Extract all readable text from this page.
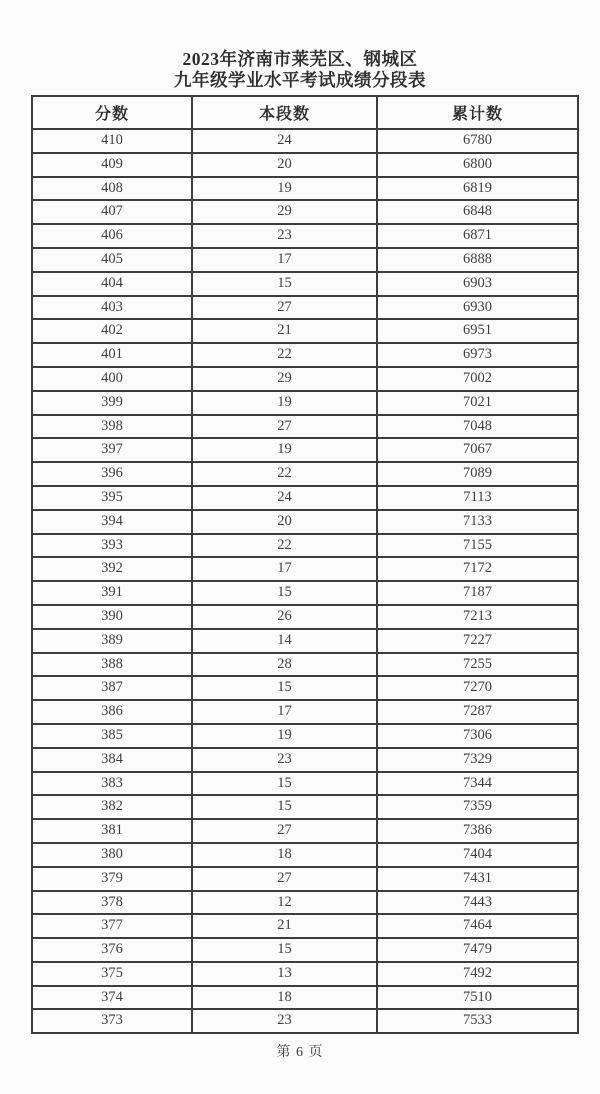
2023年济南市莱芜区、钢城区
九年级学业水平考试成绩分段表
分数	本段数	累计数
410	24	6780
409	20	6800
408	19	6819
407	29	6848
406	23	6871
405	17	6888
404	15	6903
403	27	6930
402	21	6951
401	22	6973
400	29	7002
399	19	7021
398	27	7048
397	19	7067
396	22	7089
395	24	7113
394	20	7133
393	22	7155
392	17	7172
391	15	7187
390	26	7213
389	14	7227
388	28	7255
387	15	7270
386	17	7287
385	19	7306
384	23	7329
383	15	7344
382	15	7359
381	27	7386
380	18	7404
379	27	7431
378	12	7443
377	21	7464
376	15	7479
375	13	7492
374	18	7510
373	23	7533
第 6 页
